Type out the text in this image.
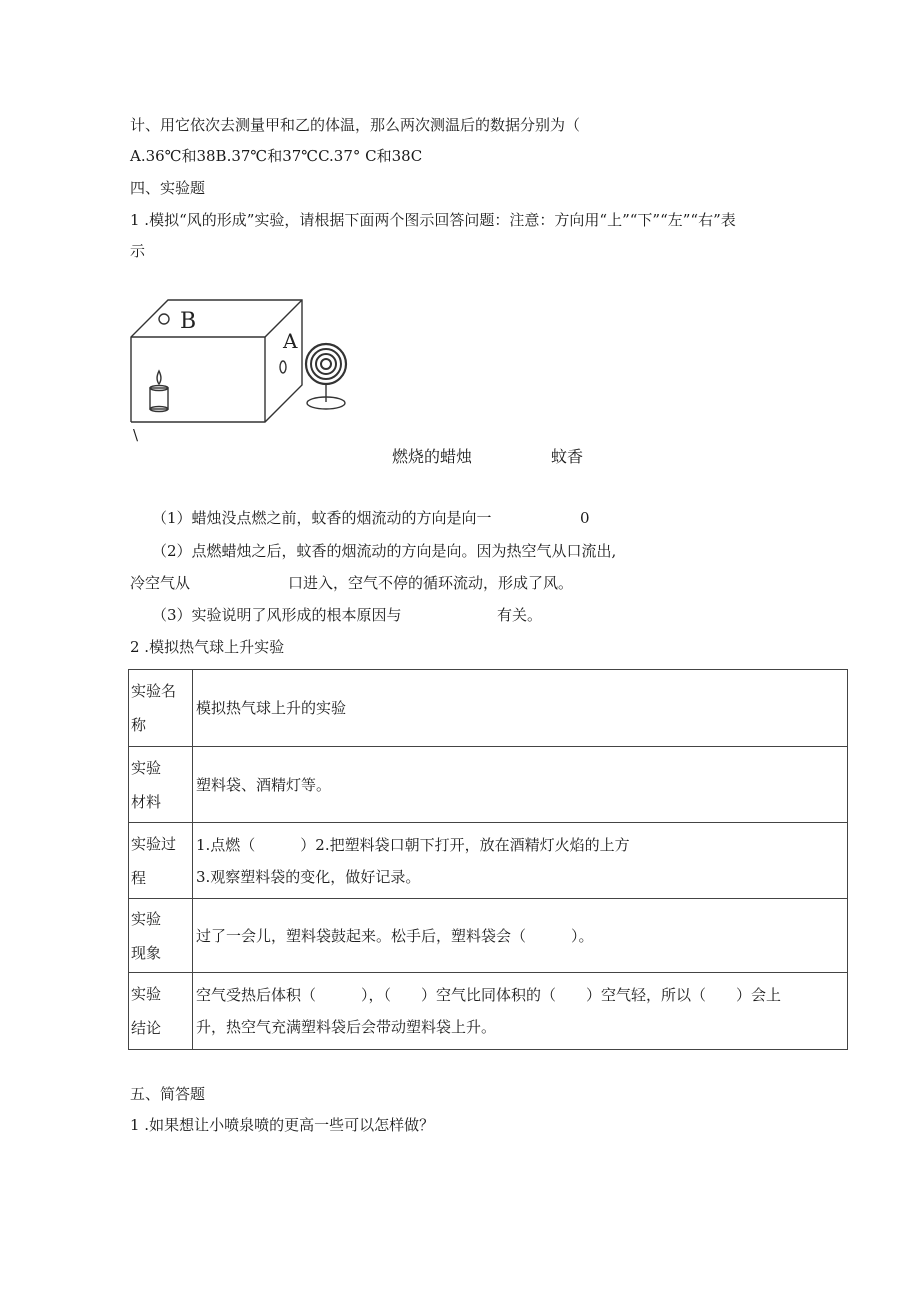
计、用它依次去测量甲和乙的体温，那么两次测温后的数据分别为（
A.36℃和38B.37℃和37℃C.37° C和38C
四、实验题
1 .模拟“风的形成”实验，请根据下面两个图示回答问题：注意：方向用“上”“下”“左”“右”表
示
B
A
\
燃烧的蜡烛	蚊香
（1）蜡烛没点燃之前，蚊香的烟流动的方向是向一	0
（2）点燃蜡烛之后，蚊香的烟流动的方向是向。因为热空气从口流出,
冷空气从	口进入，空气不停的循环流动，形成了风。
（3）实验说明了风形成的根本原因与	有关。
2 .模拟热气球上升实验
实验名称	模拟热气球上升的实验

实验
材料	塑料袋、酒精灯等。
实验过程	1.点燃（　　　）2.把塑料袋口朝下打开，放在酒精灯火焰的上方
3.观察塑料袋的变化，做好记录。

实验
现象	过了一会儿，塑料袋鼓起来。松手后，塑料袋会（　　　）。

实验
结论	空气受热后体积（　　　），（　　）空气比同体积的（　　）空气轻，所以（　　）会上
升，热空气充满塑料袋后会带动塑料袋上升。
五、简答题
1 .如果想让小喷泉喷的更高一些可以怎样做？
